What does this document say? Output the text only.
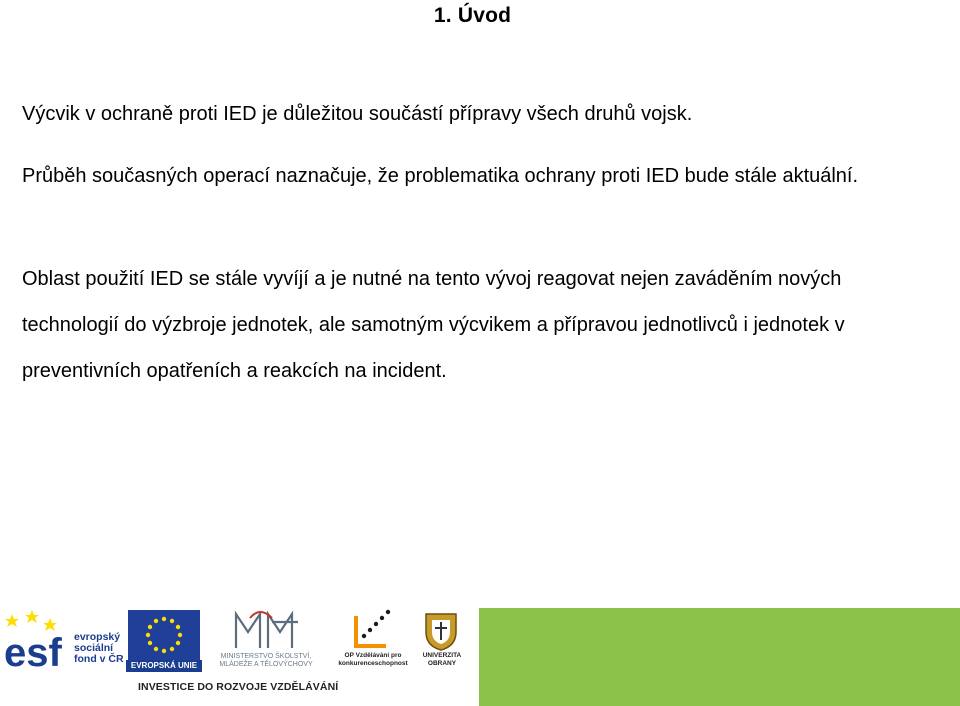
1. Úvod
Výcvik v ochraně proti IED je důležitou součástí přípravy všech druhů vojsk.
Průběh současných operací naznačuje, že problematika ochrany proti IED bude stále aktuální.
Oblast použití IED se stále vyvíjí a je nutné na tento vývoj reagovat nejen zaváděním nových technologií do výzbroje jednotek, ale samotným výcvikem a přípravou jednotlivců i jednotek v preventivních opatřeních a reakcích na incident.
esf evropský sociální fond v ČR
EVROPSKÁ UNIE
MINISTERSTVO ŠKOLSTVÍ, MLÁDEŽE A TĚLOVÝCHOVY
OP Vzdělávání pro konkurenceschopnost
UNIVERZITA OBRANY
INVESTICE DO ROZVOJE VZDĚLÁVÁNÍ
